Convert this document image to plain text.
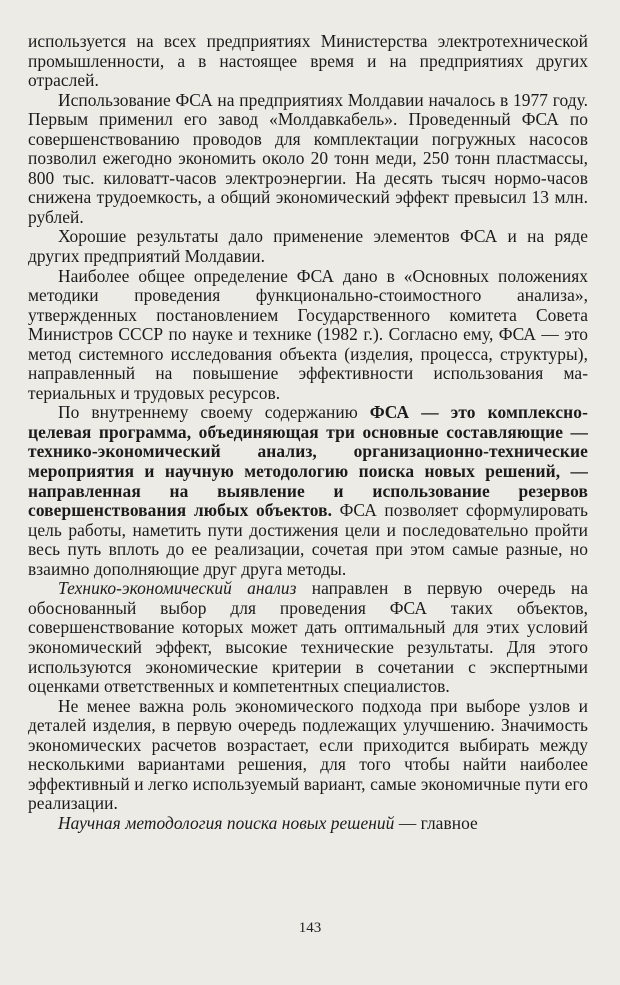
используется на всех предприятиях Министерства электротехнической промышленности, а в настоящее время и на предприятиях других отраслей.

Использование ФСА на предприятиях Молдавии началось в 1977 году. Первым применил его завод «Молдавкабель». Проведенный ФСА по совершенствованию проводов для комплектации погружных насосов позволил ежегодно экономить около 20 тонн меди, 250 тонн пластмассы, 800 тыс. киловатт-часов электроэнергии. На десять тысяч нормо-часов снижена трудоемкость, а общий экономический эффект превысил 13 млн. рублей.

Хорошие результаты дало применение элементов ФСА и на ряде других предприятий Молдавии.

Наиболее общее определение ФСА дано в «Основных положениях методики проведения функционально-стоимостного анализа», утвержденных постановлением Государственного комитета Совета Министров СССР по науке и технике (1982 г.). Согласно ему, ФСА — это метод системного исследования объекта (изделия, процесса, структуры), направленный на повышение эффективности использования материальных и трудовых ресурсов.

По внутреннему своему содержанию ФСА — это комплексно-целевая программа, объединяющая три основные составляющие — технико-экономический анализ, организационно-технические мероприятия и научную методологию поиска новых решений, — направленная на выявление и использование резервов совершенствования любых объектов. ФСА позволяет сформулировать цель работы, наметить пути достижения цели и последовательно пройти весь путь вплоть до ее реализации, сочетая при этом самые разные, но взаимно дополняющие друг друга методы.

Технико-экономический анализ направлен в первую очередь на обоснованный выбор для проведения ФСА таких объектов, совершенствование которых может дать оптимальный для этих условий экономический эффект, высокие технические результаты. Для этого используются экономические критерии в сочетании с экспертными оценками ответственных и компетентных специалистов.

Не менее важна роль экономического подхода при выборе узлов и деталей изделия, в первую очередь подлежащих улучшению. Значимость экономических расчетов возрастает, если приходится выбирать между несколькими вариантами решения, для того чтобы найти наиболее эффективный и легко используемый вариант, самые экономичные пути его реализации.

Научная методология поиска новых решений — главное

143
